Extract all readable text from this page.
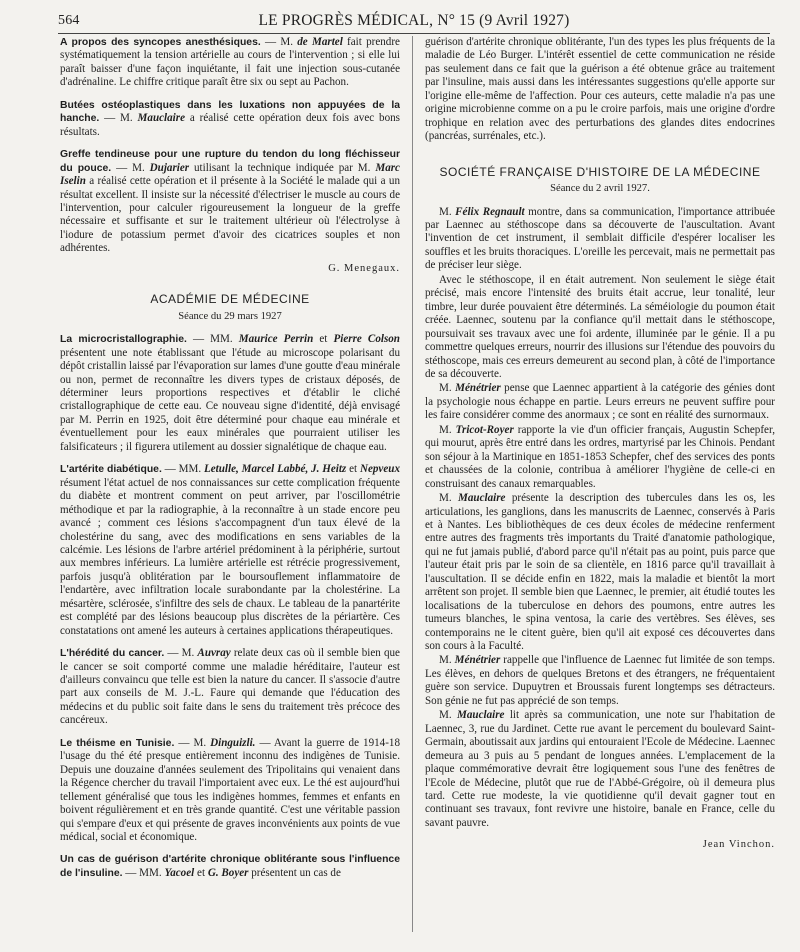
564	LE PROGRÈS MÉDICAL, N° 15 (9 Avril 1927)

A propos des syncopes anesthésiques. — M. de Martel fait prendre systématiquement la tension artérielle au cours de l'intervention ; si elle lui paraît baisser d'une façon inquiétante, il fait une injection sous-cutanée d'adrénaline. Le chiffre critique paraît être six ou sept au Pachon.

Butées ostéoplastiques dans les luxations non appuyées de la hanche. — M. Mauclaire a réalisé cette opération deux fois avec bons résultats.

Greffe tendineuse pour une rupture du tendon du long fléchisseur du pouce. — M. Dujarier utilisant la technique indiquée par M. Marc Iselin a réalisé cette opération et il présente à la Société le malade qui a un résultat excellent. Il insiste sur la nécessité d'électriser le muscle au cours de l'intervention, pour calculer rigoureusement la longueur de la greffe nécessaire et suffisante et sur le traitement ultérieur où l'électrolyse à l'iodure de potassium permet d'avoir des cicatrices souples et non adhérentes.

G. Menegaux.
ACADÉMIE DE MÉDECINE
Séance du 29 mars 1927

La microcristallographie. — MM. Maurice Perrin et Pierre Colson présentent une note établissant que l'étude au microscope polarisant du dépôt cristallin laissé par l'évaporation sur lames d'une goutte d'eau minérale ou non, permet de reconnaître les divers types de cristaux déposés, de déterminer leurs proportions respectives et d'établir le cliché cristallographique de cette eau. Ce nouveau signe d'identité, déjà envisagé par M. Perrin en 1925, doit être déterminé pour chaque eau minérale et éventuellement pour les eaux minérales que pourraient utiliser les falsificateurs ; il figurera utilement au dossier signalétique de chaque eau.

L'artérite diabétique. — MM. Letulle, Marcel Labbé, J. Heitz et Nepveux résument l'état actuel de nos connaissances sur cette complication fréquente du diabète et montrent comment on peut arriver, par l'oscillométrie méthodique et par la radiographie, à la reconnaître à un stade encore peu avancé ; comment ces lésions s'accompagnent d'un taux élevé de la cholestérine du sang, avec des modifications en sens variables de la calcémie. Les lésions de l'arbre artériel prédominent à la périphérie, surtout aux membres inférieurs. La lumière artérielle est rétrécie progressivement, parfois jusqu'à oblitération par le boursouflement inflammatoire de l'endartère, avec infiltration locale surabondante par la cholestérine. La mésartère, sclérosée, s'infiltre des sels de chaux. Le tableau de la panartérite est complété par des lésions beaucoup plus discrètes de la périartère. Ces constatations ont amené les auteurs à certaines applications thérapeutiques.

L'hérédité du cancer. — M. Auvray relate deux cas où il semble bien que le cancer se soit comporté comme une maladie héréditaire, l'auteur est d'ailleurs convaincu que telle est bien la nature du cancer. Il s'associe d'autre part aux conseils de M. J.-L. Faure qui demande que l'éducation des médecins et du public soit faite dans le sens du traitement très précoce des cancéreux.

Le théisme en Tunisie. — M. Dinguizli. — Avant la guerre de 1914-18 l'usage du thé été presque entièrement inconnu des indigènes de Tunisie. Depuis une douzaine d'années seulement des Tripolitains qui venaient dans la Régence chercher du travail l'importaient avec eux. Le thé est aujourd'hui tellement généralisé que tous les indigènes hommes, femmes et enfants en boivent régulièrement et en très grande quantité. C'est une véritable passion qui s'empare d'eux et qui présente de graves inconvénients aux points de vue médical, social et économique.

Un cas de guérison d'artérite chronique oblitérante sous l'influence de l'insuline. — MM. Yacoel et G. Boyer présentent un cas de

guérison d'artérite chronique oblitérante, l'un des types les plus fréquents de la maladie de Léo Burger. L'intérêt essentiel de cette communication ne réside pas seulement dans ce fait que la guérison a été obtenue grâce au traitement par l'insuline, mais aussi dans les intéressantes suggestions qu'elle apporte sur l'origine elle-même de l'affection. Pour ces auteurs, cette maladie n'a pas une origine microbienne comme on a pu le croire parfois, mais une origine d'ordre trophique en relation avec des perturbations des glandes dites endocrines (pancréas, surrénales, etc.).

SOCIÉTÉ FRANÇAISE D'HISTOIRE DE LA MÉDECINE
Séance du 2 avril 1927.

M. Félix Regnault montre, dans sa communication, l'importance attribuée par Laennec au stéthoscope dans sa découverte de l'auscultation. Avant l'invention de cet instrument, il semblait difficile d'espérer localiser les souffles et les bruits thoraciques. L'oreille les percevait, mais ne permettait pas de préciser leur siège.

Avec le stéthoscope, il en était autrement. Non seulement le siège était précisé, mais encore l'intensité des bruits était accrue, leur tonalité, leur timbre, leur durée pouvaient être déterminés. La séméiologie du poumon était créée. Laennec, soutenu par la confiance qu'il mettait dans le stéthoscope, poursuivait ses travaux avec une foi ardente, illuminée par le génie. Il a pu commettre quelques erreurs, nourrir des illusions sur l'étendue des pouvoirs du stéthoscope, mais ces erreurs demeurent au second plan, à côté de l'importance de sa découverte.

M. Ménétrier pense que Laennec appartient à la catégorie des génies dont la psychologie nous échappe en partie. Leurs erreurs ne peuvent suffire pour les faire considérer comme des anormaux ; ce sont en réalité des surnormaux.

M. Tricot-Royer rapporte la vie d'un officier français, Augustin Schepfer, qui mourut, après être entré dans les ordres, martyrisé par les Chinois. Pendant son séjour à la Martinique en 1851-1853 Schepfer, chef des services des ponts et chaussées de la colonie, contribua à améliorer l'hygiène de celle-ci en construisant des canaux remarquables.

M. Mauclaire présente la description des tubercules dans les os, les articulations, les ganglions, dans les manuscrits de Laennec, conservés à Paris et à Nantes. Les bibliothèques de ces deux écoles de médecine renferment entre autres des fragments très importants du Traité d'anatomie pathologique, qui ne fut jamais publié, d'abord parce qu'il n'était pas au point, puis parce que l'auteur était pris par le soin de sa clientèle, en 1816 parce qu'il travaillait à l'auscultation. Il se décide enfin en 1822, mais la maladie et bientôt la mort arrêtent son projet. Il semble bien que Laennec, le premier, ait étudié toutes les localisations de la tuberculose en dehors des poumons, entre autres les tumeurs blanches, le spina ventosa, la carie des vertèbres. Ses élèves, ses contemporains ne le citent guère, bien qu'il ait exposé ces découvertes dans son cours à la Faculté.

M. Ménétrier rappelle que l'influence de Laennec fut limitée de son temps. Les élèves, en dehors de quelques Bretons et des étrangers, ne fréquentaient guère son service. Dupuytren et Broussais furent longtemps ses détracteurs. Son génie ne fut pas apprécié de son temps.

M. Mauclaire lit après sa communication, une note sur l'habitation de Laennec, 3, rue du Jardinet. Cette rue avant le percement du boulevard Saint-Germain, aboutissait aux jardins qui entouraient l'Ecole de Médecine. Laennec demeura au 3 puis au 5 pendant de longues années. L'emplacement de la plaque commémorative devrait être logiquement sous l'une des fenêtres de l'Ecole de Médecine, plutôt que rue de l'Abbé-Grégoire, où il demeura plus tard. Cette rue modeste, la vie quotidienne qu'il devait gagner tout en continuant ses travaux, font revivre une histoire, banale en France, celle du savant pauvre.

Jean Vinchon.
